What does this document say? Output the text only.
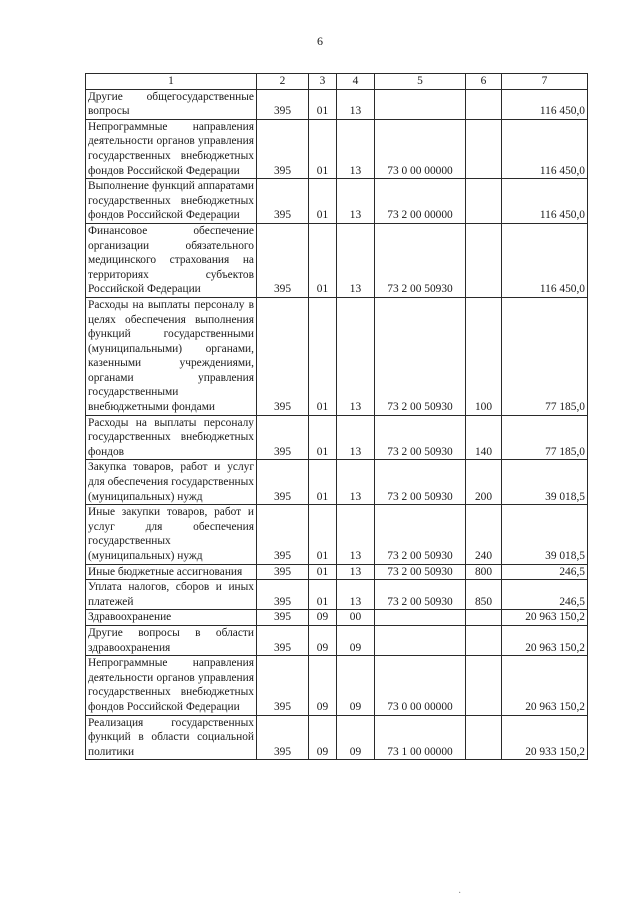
6
1	2	3	4	5	6	7
Другие общегосударственные вопросы	395	01	13			116 450,0
Непрограммные направления деятельности органов управления государственных внебюджетных фондов Российской Федерации	395	01	13	73 0 00 00000		116 450,0
Выполнение функций аппаратами государственных внебюджетных фондов Российской Федерации	395	01	13	73 2 00 00000		116 450,0
Финансовое обеспечение организации обязательного медицинского страхования на территориях субъектов Российской Федерации	395	01	13	73 2 00 50930		116 450,0
Расходы на выплаты персоналу в целях обеспечения выполнения функций государственными (муниципальными) органами, казенными учреждениями, органами управления государственными внебюджетными фондами	395	01	13	73 2 00 50930	100	77 185,0
Расходы на выплаты персоналу государственных внебюджетных фондов	395	01	13	73 2 00 50930	140	77 185,0
Закупка товаров, работ и услуг для обеспечения государственных (муниципальных) нужд	395	01	13	73 2 00 50930	200	39 018,5
Иные закупки товаров, работ и услуг для обеспечения государственных (муниципальных) нужд	395	01	13	73 2 00 50930	240	39 018,5
Иные бюджетные ассигнования	395	01	13	73 2 00 50930	800	246,5
Уплата налогов, сборов и иных платежей	395	01	13	73 2 00 50930	850	246,5
Здравоохранение	395	09	00			20 963 150,2
Другие вопросы в области здравоохранения	395	09	09			20 963 150,2
Непрограммные направления деятельности органов управления государственных внебюджетных фондов Российской Федерации	395	09	09	73 0 00 00000		20 963 150,2
Реализация государственных функций в области социальной политики	395	09	09	73 1 00 00000		20 933 150,2
·
